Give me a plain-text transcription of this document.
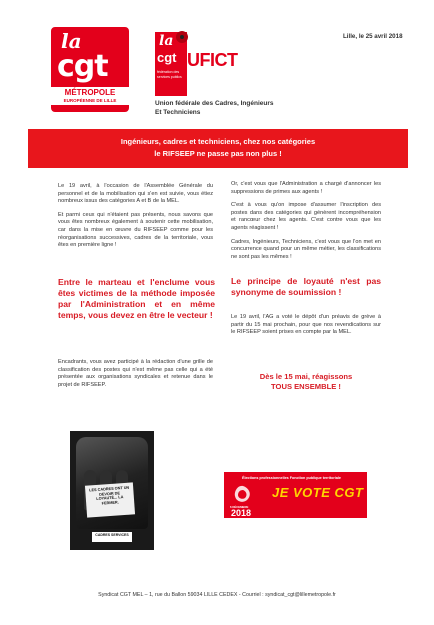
la
cgt
MÉTROPOLE
EUROPÉENNE DE LILLE
la
cgt UFICT
fédération des services publics
Union fédérale des Cadres, Ingénieurs
Et Techniciens
Lille, le 25 avril 2018
Ingénieurs, cadres et techniciens, chez nos catégories
le RIFSEEP ne passe pas non plus !

Le 19 avril, à l'occasion de l'Assemblée Générale du personnel et de la mobilisation qui s'en est suivie, vous étiez nombreux issus des catégories A et B de la MEL.

Et parmi ceux qui n'étaient pas présents, nous savons que vous êtes nombreux également à soutenir cette mobilisation, car dans la mise en œuvre du RIFSEEP comme pour les réorganisations successives, cadres de la territoriale, vous êtes en première ligne !

Entre le marteau et l'enclume vous êtes victimes de la méthode imposée par l'Administration et en même temps, vous devez en être le vecteur !

Encadrants, vous avez participé à la rédaction d'une grille de classification des postes qui n'est même pas celle qui a été présentée aux organisations syndicales et retenue dans le projet de RIFSEEP.

Or, c'est vous que l'Administration a chargé d'annoncer les suppressions de primes aux agents !

C'est à vous qu'on impose d'assumer l'inscription des postes dans des catégories qui génèrent incompréhension et rancœur chez les agents. C'est contre vous que les agents réagissent !

Cadres, Ingénieurs, Techniciens, c'est vous que l'on met en concurrence quand pour un même métier, les classifications ne sont pas les mêmes !

Le principe de loyauté n'est pas synonyme de soumission !

Le 19 avril, l'AG a voté le dépôt d'un préavis de grève à partir du 15 mai prochain, pour que nos revendications sur le RIFSEEP soient prises en compte par la MEL.

Dès le 15 mai, réagissons
TOUS ENSEMBLE !
LES CADRES ONT UN DEVOIR DE LOYAUTÉ... LA FERMER.
CADRES SERVICES
Élections professionnelles Fonction publique territoriale
JE VOTE CGT
6 DÉCEMBRE
2018
Syndicat CGT MEL – 1, rue du Ballon 59034 LILLE CEDEX - Courriel : syndicat_cgt@lillemetropole.fr
